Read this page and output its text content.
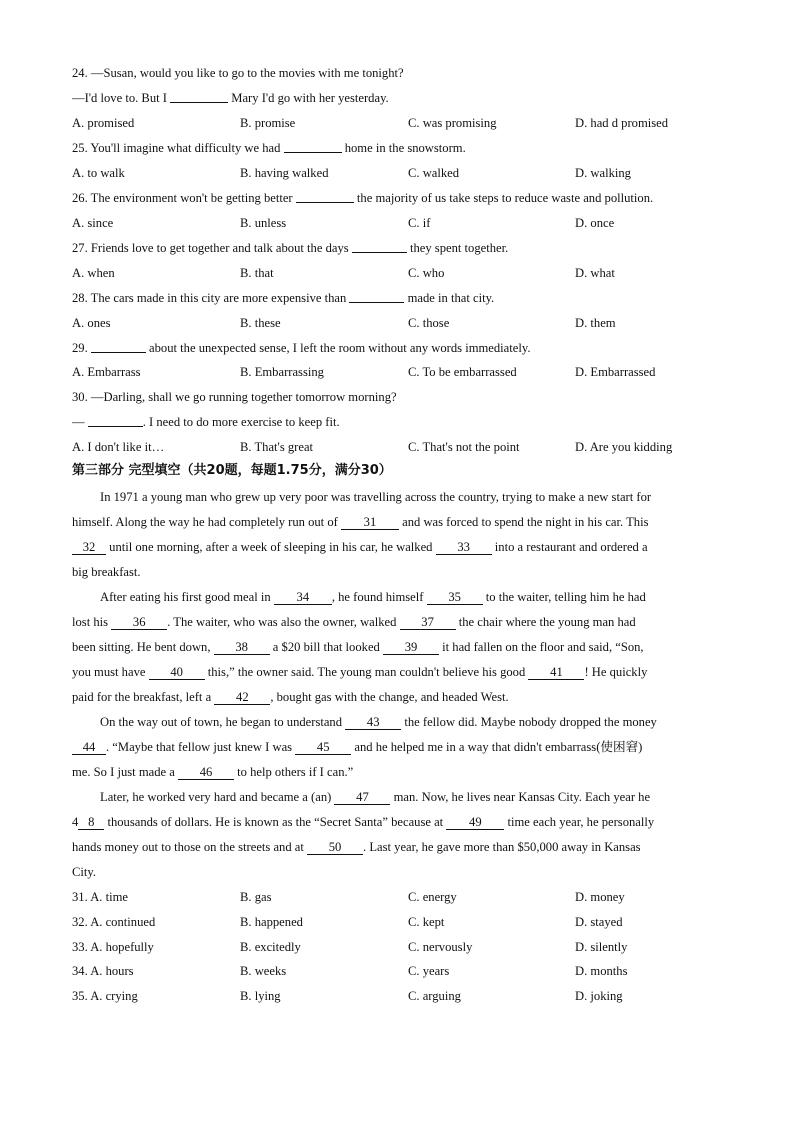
24. —Susan, would you like to go to the movies with me tonight?
—I'd love to. But I	Mary I'd go with her yesterday.
A. promised	B. promise	C. was promising	D. had d promised
25. You'll imagine what difficulty we had	home in the snowstorm.
A. to walk	B. having walked	C. walked	D. walking
26. The environment won't be getting better	the majority of us take steps to reduce waste and pollution.
A. since	B. unless	C. if	D. once
27. Friends love to get together and talk about the days	they spent together.
A. when	B. that	C. who	D. what
28. The cars made in this city are more expensive than	made in that city.
A. ones	B. these	C. those	D. them
29.	about the unexpected sense, I left the room without any words immediately.
A. Embarrass	B. Embarrassing	C. To be embarrassed	D. Embarrassed
30. —Darling, shall we go running together tomorrow morning?
—	. I need to do more exercise to keep fit.
A. I don't like it…	B. That's great	C. That's not the point	D. Are you kidding
第三部分 完型填空（共20题，每题1.75分，满分30）
In 1971 a young man who grew up very poor was travelling across the country, trying to make a new start for
himself. Along the way he had completely run out of 31 and was forced to spend the night in his car. This
32 until one morning, after a week of sleeping in his car, he walked 33 into a restaurant and ordered a
big breakfast.
After eating his first good meal in 34 , he found himself 35 to the waiter, telling him he had
lost his 36 . The waiter, who was also the owner, walked 37 the chair where the young man had
been sitting. He bent down, 38 a $20 bill that looked 39 it had fallen on the floor and said, “Son,
you must have 40 this,” the owner said. The young man couldn't believe his good 41 ! He quickly
paid for the breakfast, left a 42 , bought gas with the change, and headed West.
On the way out of town, he began to understand 43 the fellow did. Maybe nobody dropped the money
44 . “Maybe that fellow just knew I was 45 and he helped me in a way that didn't embarrass(使困窘)
me. So I just made a 46 to help others if I can.”
Later, he worked very hard and became a (an) 47 man. Now, he lives near Kansas City. Each year he
4 8 thousands of dollars. He is known as the “Secret Santa” because at 49 time each year, he personally
hands money out to those on the streets and at 50 . Last year, he gave more than $50,000 away in Kansas
City.
31. A. time	B. gas	C. energy	D. money
32. A. continued	B. happened	C. kept	D. stayed
33. A. hopefully	B. excitedly	C. nervously	D. silently
34. A. hours	B. weeks	C. years	D. months
35. A. crying	B. lying	C. arguing	D. joking
